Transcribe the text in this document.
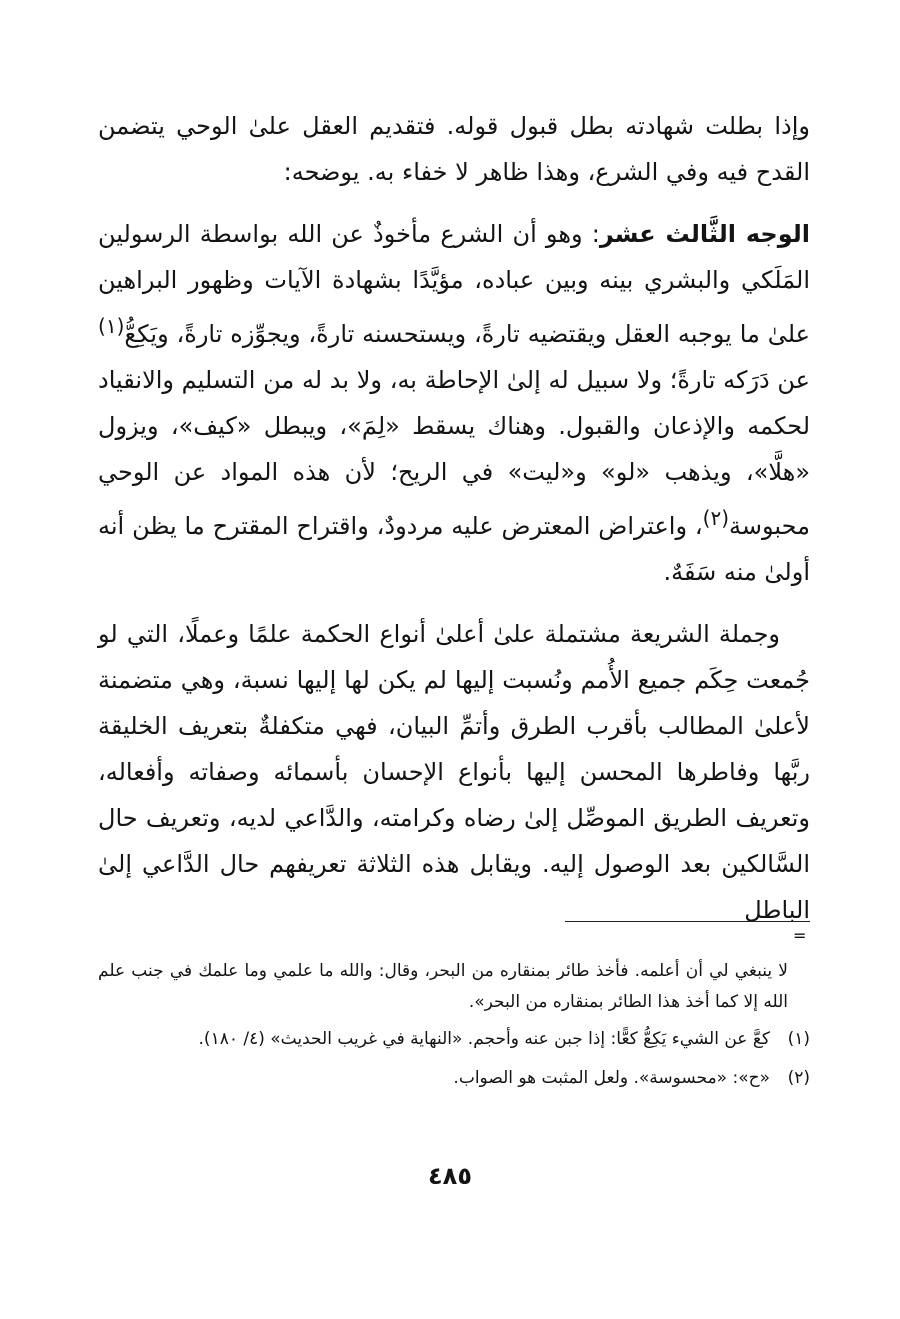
وإذا بطلت شهادته بطل قبول قوله. فتقديم العقل علىٰ الوحي يتضمن القدح فيه وفي الشرع، وهذا ظاهر لا خفاء به. يوضحه:

الوجه الثَّالث عشر: وهو أن الشرع مأخوذٌ عن الله بواسطة الرسولين المَلَكي والبشري بينه وبين عباده، مؤيَّدًا بشهادة الآيات وظهور البراهين علىٰ ما يوجبه العقل ويقتضيه تارةً، ويستحسنه تارةً، ويجوِّزه تارةً، ويَكِعُّ$^{(١)}$ عن دَرَكه تارةً؛ ولا سبيل له إلىٰ الإحاطة به، ولا بد له من التسليم والانقياد لحكمه والإذعان والقبول. وهناك يسقط «لِمَ»، ويبطل «كيف»، ويزول «هلَّا»، ويذهب «لو» و«ليت» في الريح؛ لأن هذه المواد عن الوحي محبوسة$^{(٢)}$، واعتراض المعترض عليه مردودٌ، واقتراح المقترح ما يظن أنه أولىٰ منه سَفَهٌ.

وجملة الشريعة مشتملة علىٰ أعلىٰ أنواع الحكمة علمًا وعملًا، التي لو جُمعت حِكَم جميع الأُمم ونُسبت إليها لم يكن لها إليها نسبة، وهي متضمنة لأعلىٰ المطالب بأقرب الطرق وأتمِّ البيان، فهي متكفلةٌ بتعريف الخليقة ربَّها وفاطرها المحسن إليها بأنواع الإحسان بأسمائه وصفاته وأفعاله، وتعريف الطريق الموصِّل إلىٰ رضاه وكرامته، والدَّاعي لديه، وتعريف حال السَّالكين بعد الوصول إليه. ويقابل هذه الثلاثة تعريفهم حال الدَّاعي إلىٰ الباطل

=
لا ينبغي لي أن أعلمه. فأخذ طائر بمنقاره من البحر، وقال: والله ما علمي وما علمك في جنب علم الله إلا كما أخذ هذا الطائر بمنقاره من البحر».
(١)
كعَّ عن الشيء يَكِعُّ كعًّا: إذا جبن عنه وأحجم. «النهاية في غريب الحديث» (٤/ ١٨٠).
(٢)
«ح»: «محسوسة». ولعل المثبت هو الصواب.
٤٨٥
